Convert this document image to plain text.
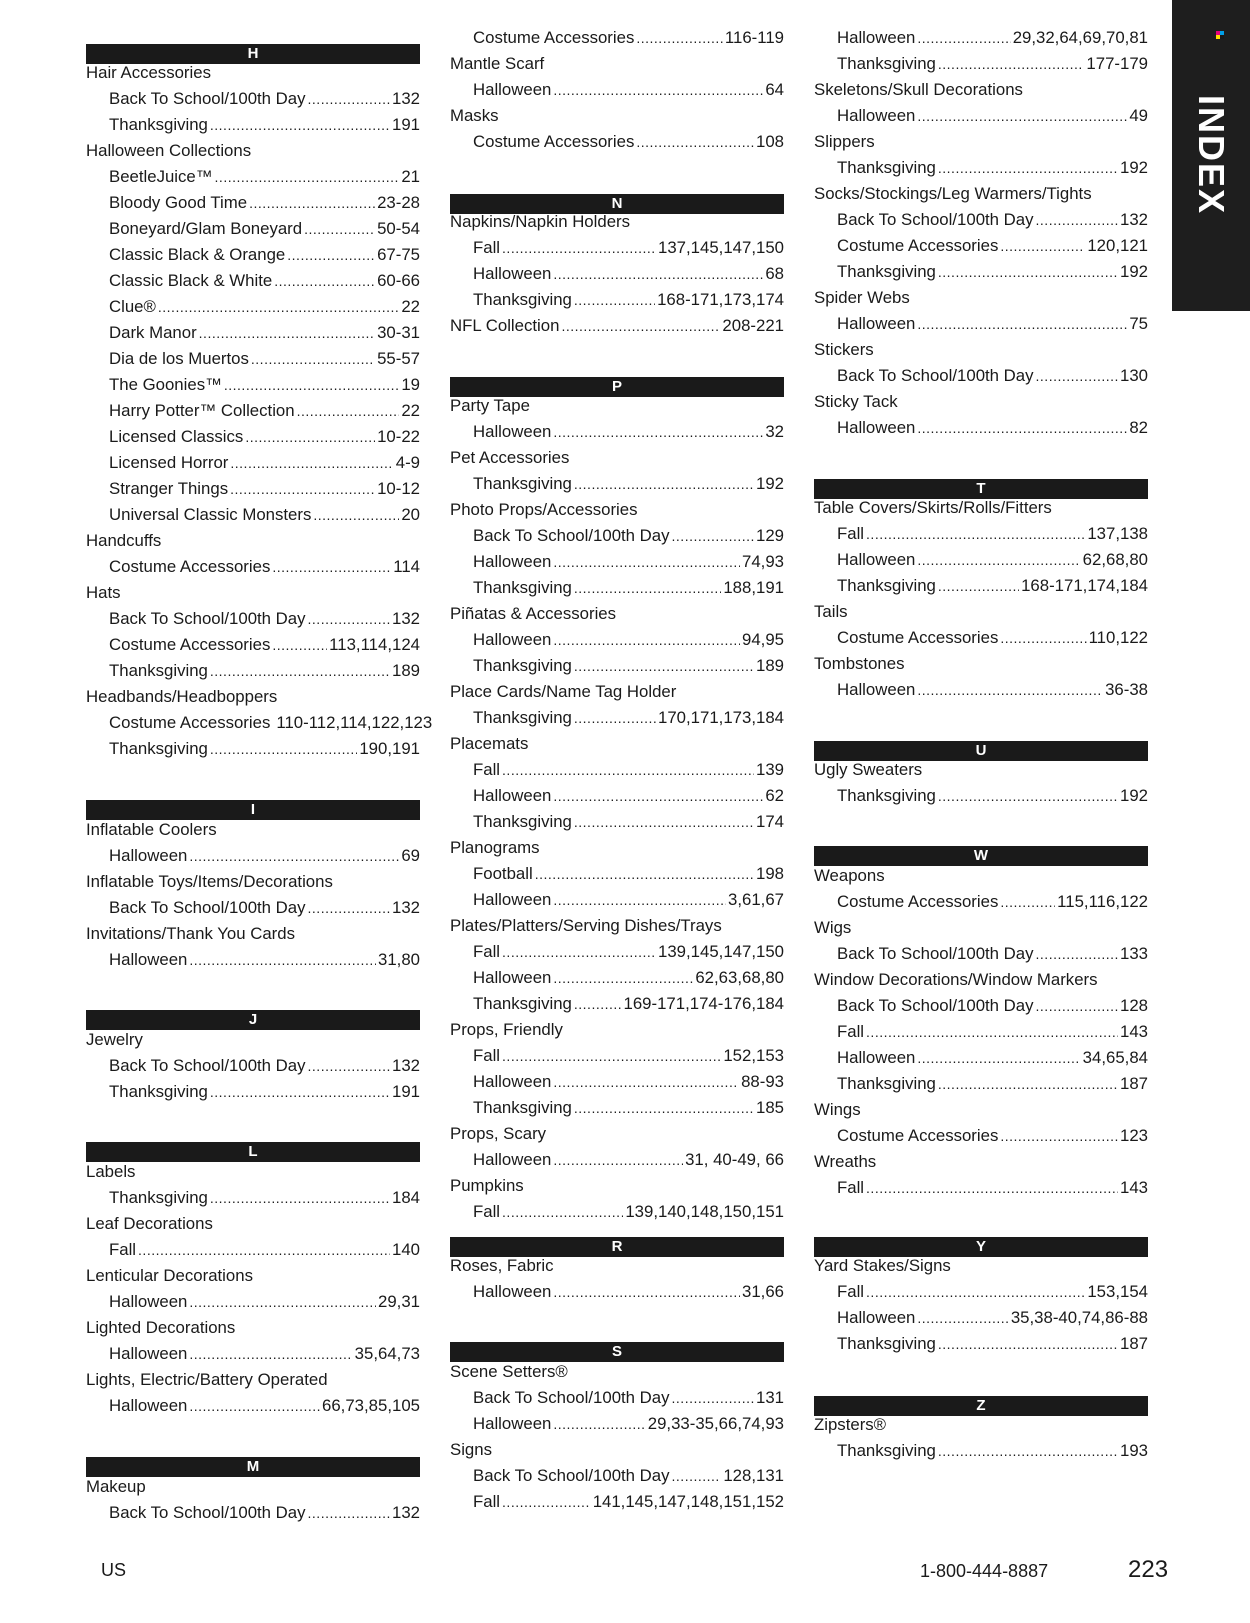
H
Hair Accessories
Back To School/100th Day .....	132
Thanksgiving .....	191
Halloween Collections
BeetleJuice™ .....	21
Bloody Good Time .....	23-28
Boneyard/Glam Boneyard .....	50-54
Classic Black & Orange .....	67-75
Classic Black & White .....	60-66
Clue® .....	22
Dark Manor .....	30-31
Dia de los Muertos .....	55-57
The Goonies™ .....	19
Harry Potter™ Collection .....	22
Licensed Classics .....	10-22
Licensed Horror .....	4-9
Stranger Things .....	10-12
Universal Classic Monsters .....	20
Handcuffs
Costume Accessories .....	114
Hats
Back To School/100th Day .....	132
Costume Accessories .....	113,114,124
Thanksgiving .....	189
Headbands/Headboppers
Costume Accessories 110-112,114,122,123
Thanksgiving .....	190,191
I
Inflatable Coolers
Halloween .....	69
Inflatable Toys/Items/Decorations
Back To School/100th Day .....	132
Invitations/Thank You Cards
Halloween .....	31,80
J
Jewelry
Back To School/100th Day .....	132
Thanksgiving .....	191
L
Labels
Thanksgiving .....	184
Leaf Decorations
Fall .....	140
Lenticular Decorations
Halloween .....	29,31
Lighted Decorations
Halloween .....	35,64,73
Lights, Electric/Battery Operated
Halloween .....	66,73,85,105
M
Makeup
Back To School/100th Day .....	132
Costume Accessories .....	116-119
Mantle Scarf
Halloween .....	64
Masks
Costume Accessories .....	108
N
Napkins/Napkin Holders
Fall .....	137,145,147,150
Halloween .....	68
Thanksgiving .....	168-171,173,174
NFL Collection .....	208-221
P
Party Tape
Halloween .....	32
Pet Accessories
Thanksgiving .....	192
Photo Props/Accessories
Back To School/100th Day .....	129
Halloween .....	74,93
Thanksgiving .....	188,191
Piñatas & Accessories
Halloween .....	94,95
Thanksgiving .....	189
Place Cards/Name Tag Holder
Thanksgiving .....	170,171,173,184
Placemats
Fall .....	139
Halloween .....	62
Thanksgiving .....	174
Planograms
Football .....	198
Halloween .....	3,61,67
Plates/Platters/Serving Dishes/Trays
Fall .....	139,145,147,150
Halloween .....	62,63,68,80
Thanksgiving .....	169-171,174-176,184
Props, Friendly
Fall .....	152,153
Halloween .....	88-93
Thanksgiving .....	185
Props, Scary
Halloween .....	31, 40-49, 66
Pumpkins
Fall .....	139,140,148,150,151
R
Roses, Fabric
Halloween .....	31,66
S
Scene Setters®
Back To School/100th Day .....	131
Halloween .....	29,33-35,66,74,93
Signs
Back To School/100th Day .....	128,131
Fall .....	141,145,147,148,151,152
Halloween .....	29,32,64,69,70,81
Thanksgiving .....	177-179
Skeletons/Skull Decorations
Halloween .....	49
Slippers
Thanksgiving .....	192
Socks/Stockings/Leg Warmers/Tights
Back To School/100th Day .....	132
Costume Accessories .....	120,121
Thanksgiving .....	192
Spider Webs
Halloween .....	75
Stickers
Back To School/100th Day .....	130
Sticky Tack
Halloween .....	82
T
Table Covers/Skirts/Rolls/Fitters
Fall .....	137,138
Halloween .....	62,68,80
Thanksgiving .....	168-171,174,184
Tails
Costume Accessories .....	110,122
Tombstones
Halloween .....	36-38
U
Ugly Sweaters
Thanksgiving .....	192
W
Weapons
Costume Accessories .....	115,116,122
Wigs
Back To School/100th Day .....	133
Window Decorations/Window Markers
Back To School/100th Day .....	128
Fall .....	143
Halloween .....	34,65,84
Thanksgiving .....	187
Wings
Costume Accessories .....	123
Wreaths
Fall .....	143
Y
Yard Stakes/Signs
Fall .....	153,154
Halloween .....	35,38-40,74,86-88
Thanksgiving .....	187
Z
Zipsters®
Thanksgiving .....	193
INDEX
US	1-800-444-8887	223
